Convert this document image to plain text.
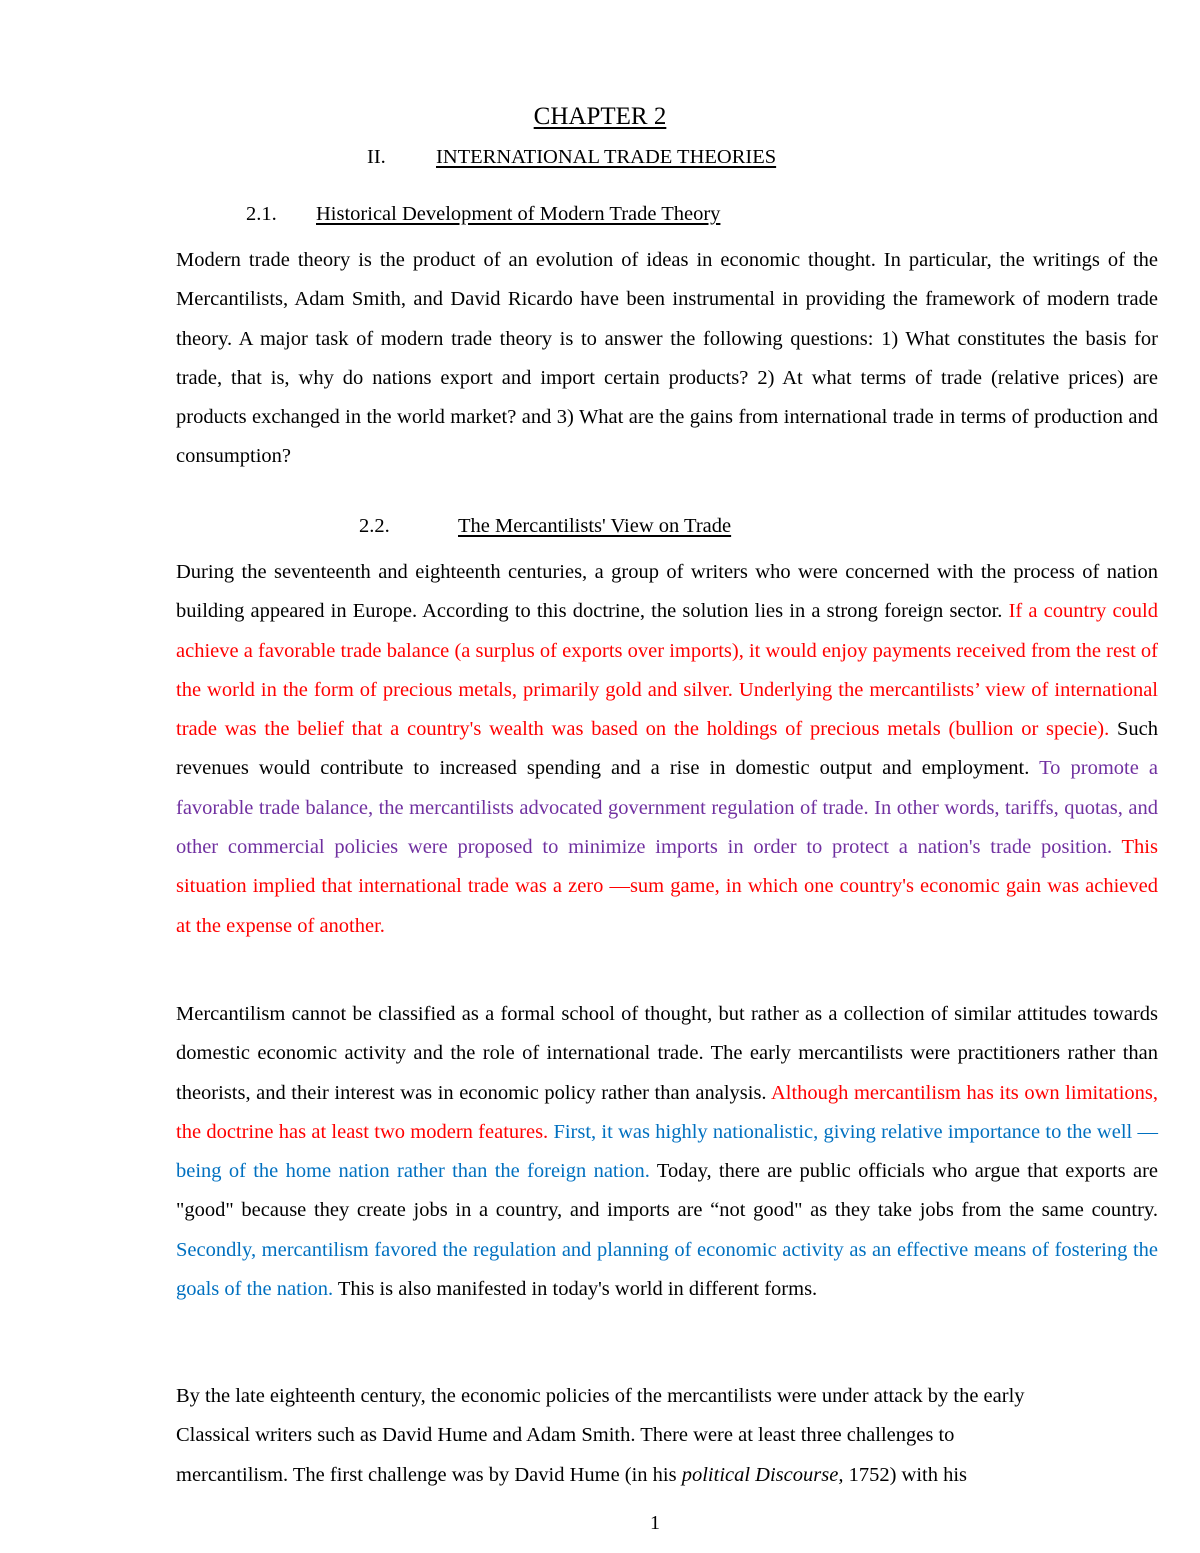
CHAPTER 2
II. INTERNATIONAL TRADE THEORIES
2.1. Historical Development of Modern Trade Theory
Modern trade theory is the product of an evolution of ideas in economic thought. In particular, the writings of the Mercantilists, Adam Smith, and David Ricardo have been instrumental in providing the framework of modern trade theory. A major task of modern trade theory is to answer the following questions: 1) What constitutes the basis for trade, that is, why do nations export and import certain products? 2) At what terms of trade (relative prices) are products exchanged in the world market? and 3) What are the gains from international trade in terms of production and consumption?
2.2.	The Mercantilists' View on Trade
During the seventeenth and eighteenth centuries, a group of writers who were concerned with the process of nation building appeared in Europe. According to this doctrine, the solution lies in a strong foreign sector. If a country could achieve a favorable trade balance (a surplus of exports over imports), it would enjoy payments received from the rest of the world in the form of precious metals, primarily gold and silver. Underlying the mercantilists’ view of international trade was the belief that a country's wealth was based on the holdings of precious metals (bullion or specie). Such revenues would contribute to increased spending and a rise in domestic output and employment. To promote a favorable trade balance, the mercantilists advocated government regulation of trade. In other words, tariffs, quotas, and other commercial policies were proposed to minimize imports in order to protect a nation's trade position. This situation implied that international trade was a zero —sum game, in which one country's economic gain was achieved at the expense of another.
Mercantilism cannot be classified as a formal school of thought, but rather as a collection of similar attitudes towards domestic economic activity and the role of international trade. The early mercantilists were practitioners rather than theorists, and their interest was in economic policy rather than analysis. Although mercantilism has its own limitations, the doctrine has at least two modern features. First, it was highly nationalistic, giving relative importance to the well — being of the home nation rather than the foreign nation. Today, there are public officials who argue that exports are "good" because they create jobs in a country, and imports are “not good" as they take jobs from the same country. Secondly, mercantilism favored the regulation and planning of economic activity as an effective means of fostering the goals of the nation. This is also manifested in today's world in different forms.
By the late eighteenth century, the economic policies of the mercantilists were under attack by the early
Classical writers such as David Hume and Adam Smith. There were at least three challenges to
mercantilism. The first challenge was by David Hume (in his political Discourse, 1752) with his
1
